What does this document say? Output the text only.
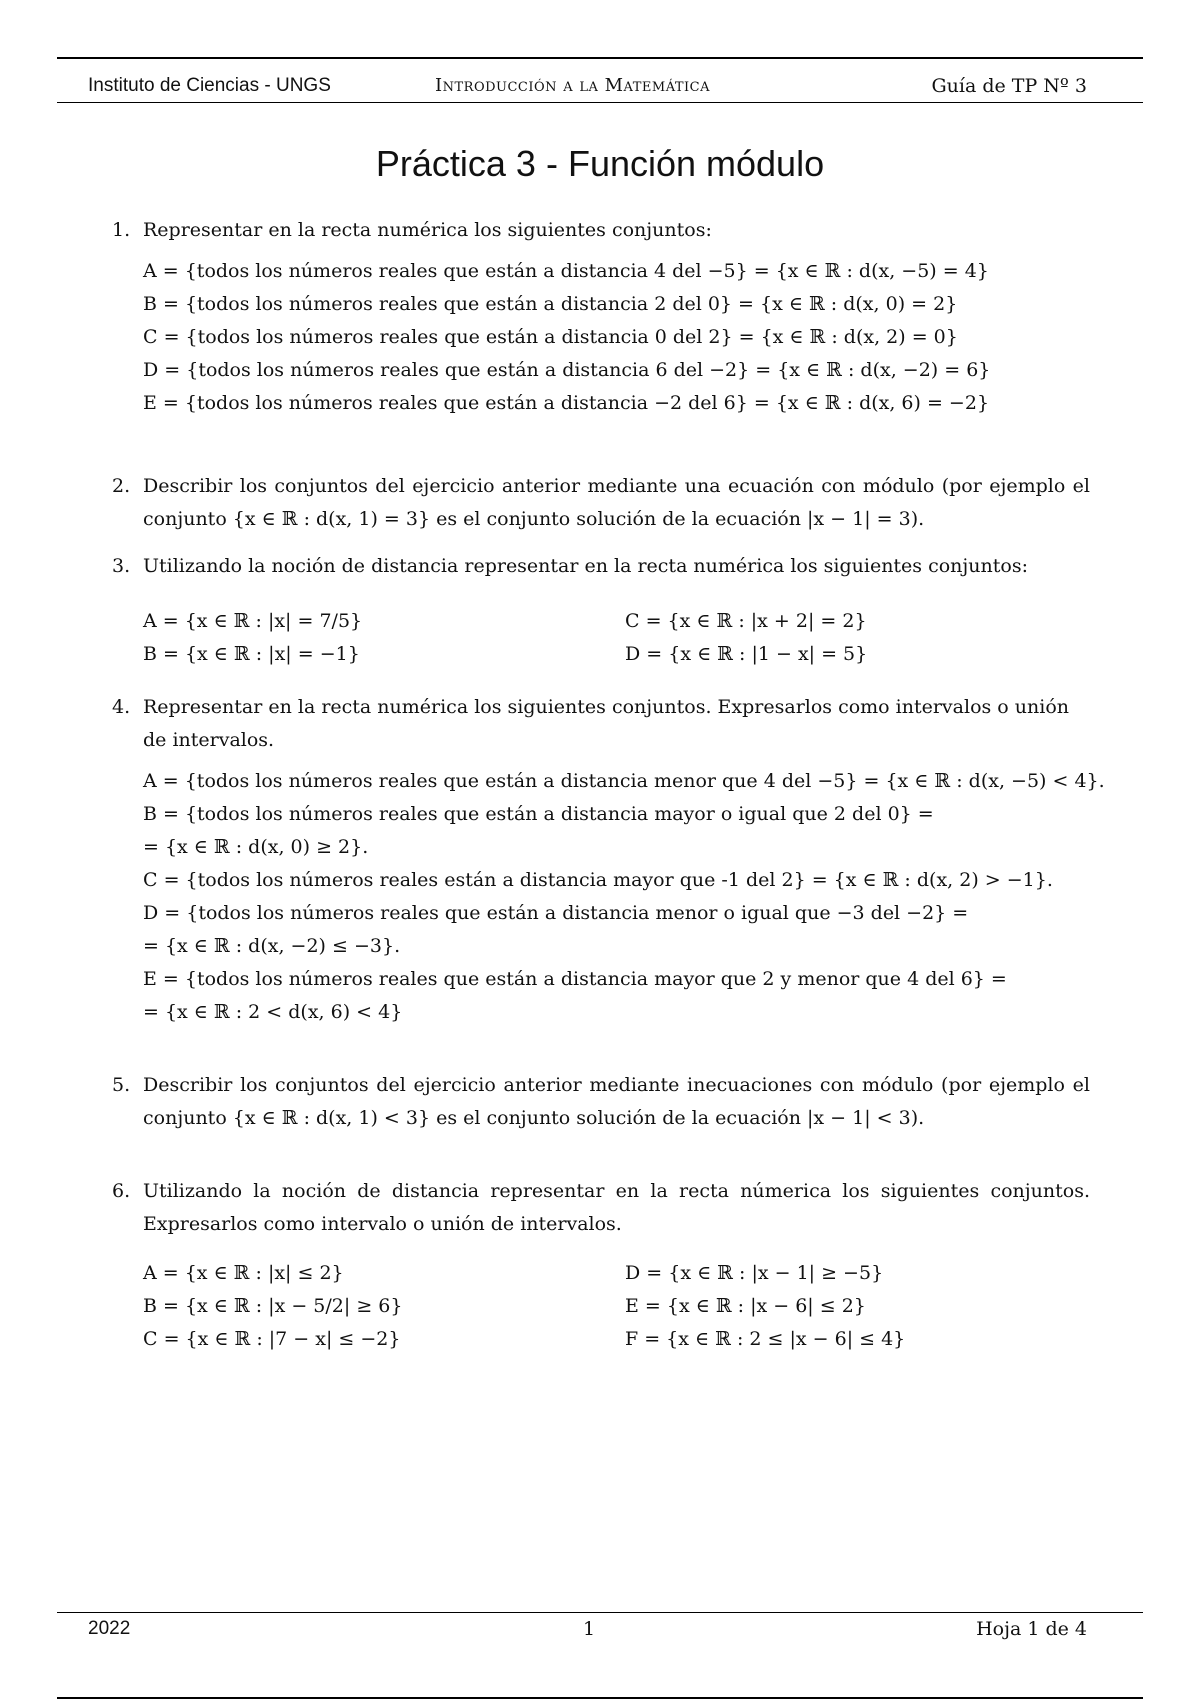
Instituto de Ciencias - UNGS	Introducción a la Matemática	Guía de TP Nº 3
Práctica 3 - Función módulo
1. Representar en la recta numérica los siguientes conjuntos:
A = {todos los números reales que están a distancia 4 del −5} = {x ∈ ℝ : d(x, −5) = 4}
B = {todos los números reales que están a distancia 2 del 0} = {x ∈ ℝ : d(x, 0) = 2}
C = {todos los números reales que están a distancia 0 del 2} = {x ∈ ℝ : d(x, 2) = 0}
D = {todos los números reales que están a distancia 6 del −2} = {x ∈ ℝ : d(x, −2) = 6}
E = {todos los números reales que están a distancia −2 del 6} = {x ∈ ℝ : d(x, 6) = −2}
2. Describir los conjuntos del ejercicio anterior mediante una ecuación con módulo (por ejemplo el conjunto {x ∈ ℝ : d(x, 1) = 3} es el conjunto solución de la ecuación |x − 1| = 3).
3. Utilizando la noción de distancia representar en la recta numérica los siguientes conjuntos:
A = {x ∈ ℝ : |x| = 7/5}	C = {x ∈ ℝ : |x + 2| = 2}
B = {x ∈ ℝ : |x| = −1}	D = {x ∈ ℝ : |1 − x| = 5}
4. Representar en la recta numérica los siguientes conjuntos. Expresarlos como intervalos o unión de intervalos.
A = {todos los números reales que están a distancia menor que 4 del −5} = {x ∈ ℝ : d(x, −5) < 4}.
B = {todos los números reales que están a distancia mayor o igual que 2 del 0} =
= {x ∈ ℝ : d(x, 0) ≥ 2}.
C = {todos los números reales están a distancia mayor que -1 del 2} = {x ∈ ℝ : d(x, 2) > −1}.
D = {todos los números reales que están a distancia menor o igual que −3 del −2} =
= {x ∈ ℝ : d(x, −2) ≤ −3}.
E = {todos los números reales que están a distancia mayor que 2 y menor que 4 del 6} =
= {x ∈ ℝ : 2 < d(x, 6) < 4}
5. Describir los conjuntos del ejercicio anterior mediante inecuaciones con módulo (por ejemplo el conjunto {x ∈ ℝ : d(x, 1) < 3} es el conjunto solución de la ecuación |x − 1| < 3).
6. Utilizando la noción de distancia representar en la recta númerica los siguientes conjuntos. Expresarlos como intervalo o unión de intervalos.
A = {x ∈ ℝ : |x| ≤ 2}	D = {x ∈ ℝ : |x − 1| ≥ −5}
B = {x ∈ ℝ : |x − 5/2| ≥ 6}	E = {x ∈ ℝ : |x − 6| ≤ 2}
C = {x ∈ ℝ : |7 − x| ≤ −2}	F = {x ∈ ℝ : 2 ≤ |x − 6| ≤ 4}
2022	1	Hoja 1 de 4
